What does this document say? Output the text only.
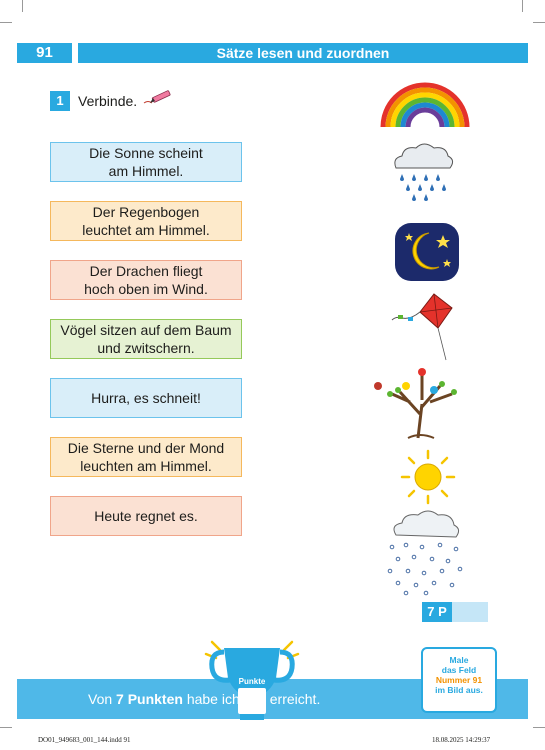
91	Sätze lesen und zuordnen
1	Verbinde.
Die Sonne scheint
am Himmel.
Der Regenbogen
leuchtet am Himmel.
Der Drachen fliegt
hoch oben im Wind.
Vögel sitzen auf dem Baum
und zwitschern.
Hurra, es schneit!
Die Sterne und der Mond
leuchten am Himmel.
Heute regnet es.
7 P
Punkte
Von 7 Punkten habe ich erreicht.
Male
das Feld
Nummer 91
im Bild aus.
DO01_949683_001_144.indd 91	18.08.2025 14:29:37
